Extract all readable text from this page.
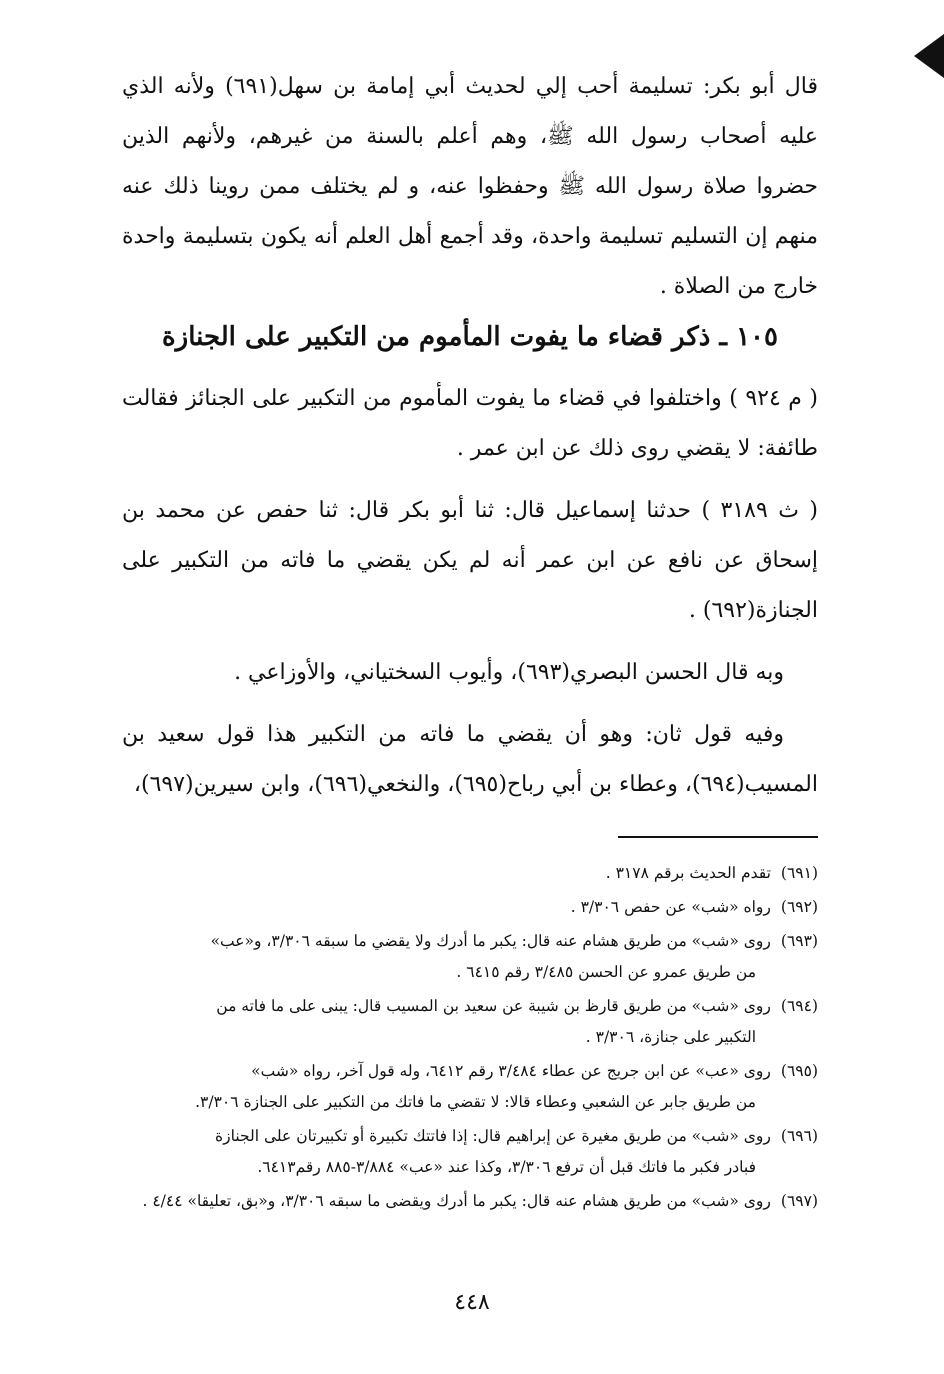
قال أبو بكر: تسليمة أحب إلي لحديث أبي إمامة بن سهل(٦٩١) ولأنه الذي عليه أصحاب رسول الله ﷺ، وهم أعلم بالسنة من غيرهم، ولأنهم الذين حضروا صلاة رسول الله ﷺ وحفظوا عنه، و لم يختلف ممن روينا ذلك عنه منهم إن التسليم تسليمة واحدة، وقد أجمع أهل العلم أنه يكون بتسليمة واحدة خارج من الصلاة .

١٠٥ ـ ذكر قضاء ما يفوت المأموم من التكبير على الجنازة

( م ٩٢٤ ) واختلفوا في قضاء ما يفوت المأموم من التكبير على الجنائز فقالت طائفة: لا يقضي روى ذلك عن ابن عمر .

( ث ٣١٨٩ ) حدثنا إسماعيل قال: ثنا أبو بكر قال: ثنا حفص عن محمد بن إسحاق عن نافع عن ابن عمر أنه لم يكن يقضي ما فاته من التكبير على الجنازة(٦٩٢) .

وبه قال الحسن البصري(٦٩٣)، وأيوب السختياني، والأوزاعي .

وفيه قول ثان: وهو أن يقضي ما فاته من التكبير هذا قول سعيد بن المسيب(٦٩٤)، وعطاء بن أبي رباح(٦٩٥)، والنخعي(٦٩٦)، وابن سيرين(٦٩٧)،

(٦٩١)تقدم الحديث برقم ٣١٧٨ .
(٦٩٢)رواه «شب» عن حفص ٣/٣٠٦ .
(٦٩٣)روى «شب» من طريق هشام عنه قال: يكبر ما أدرك ولا يقضي ما سبقه ٣/٣٠٦، و«عب»
من طريق عمرو عن الحسن ٣/٤٨٥ رقم ٦٤١٥ .
(٦٩٤)روى «شب» من طريق قارظ بن شيبة عن سعيد بن المسيب قال: يبنى على ما فاته من
التكبير على جنازة، ٣/٣٠٦ .
(٦٩٥)روى «عب» عن ابن جريج عن عطاء ٣/٤٨٤ رقم ٦٤١٢، وله قول آخر، رواه «شب»
من طريق جابر عن الشعبي وعطاء قالا: لا تقضي ما فاتك من التكبير على الجنازة ٣/٣٠٦.
(٦٩٦)روى «شب» من طريق مغيرة عن إبراهيم قال: إذا فاتتك تكبيرة أو تكبيرتان على الجنازة
فبادر فكبر ما فاتك قبل أن ترفع ٣/٣٠٦، وكذا عند «عب» ٣/٨٨٤-٨٨٥ رقم٦٤١٣.
(٦٩٧)روى «شب» من طريق هشام عنه قال: يكبر ما أدرك ويقضى ما سبقه ٣/٣٠٦، و«بق، تعليقا» ٤/٤٤ .
٤٤٨
